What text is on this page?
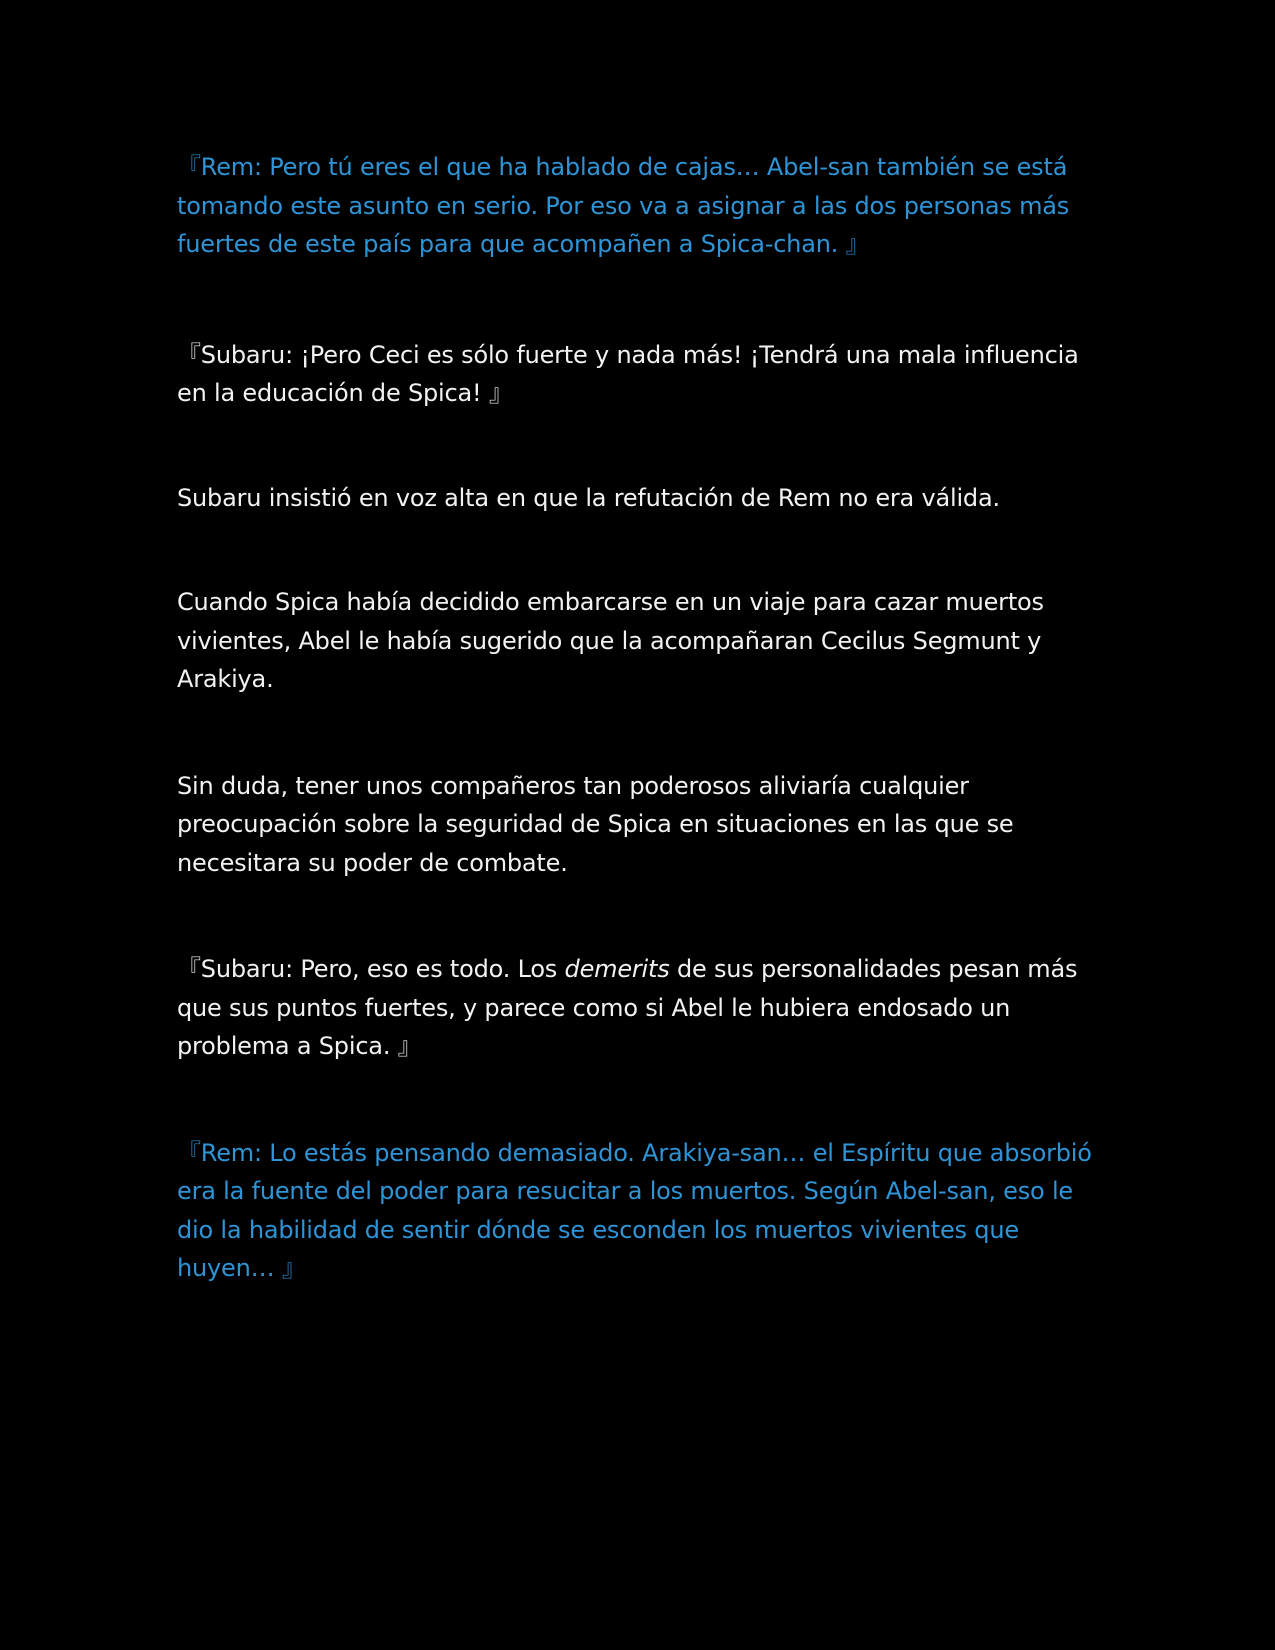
『Rem: Pero tú eres el que ha hablado de cajas… Abel-san también se está tomando este asunto en serio. Por eso va a asignar a las dos personas más fuertes de este país para que acompañen a Spica-chan. 』

『Subaru: ¡Pero Ceci es sólo fuerte y nada más! ¡Tendrá una mala influencia en la educación de Spica! 』

Subaru insistió en voz alta en que la refutación de Rem no era válida.

Cuando Spica había decidido embarcarse en un viaje para cazar muertos vivientes, Abel le había sugerido que la acompañaran Cecilus Segmunt y Arakiya.

Sin duda, tener unos compañeros tan poderosos aliviaría cualquier preocupación sobre la seguridad de Spica en situaciones en las que se necesitara su poder de combate.

『Subaru: Pero, eso es todo. Los demerits de sus personalidades pesan más que sus puntos fuertes, y parece como si Abel le hubiera endosado un problema a Spica. 』

『Rem: Lo estás pensando demasiado. Arakiya-san… el Espíritu que absorbió era la fuente del poder para resucitar a los muertos. Según Abel-san, eso le dio la habilidad de sentir dónde se esconden los muertos vivientes que huyen… 』
